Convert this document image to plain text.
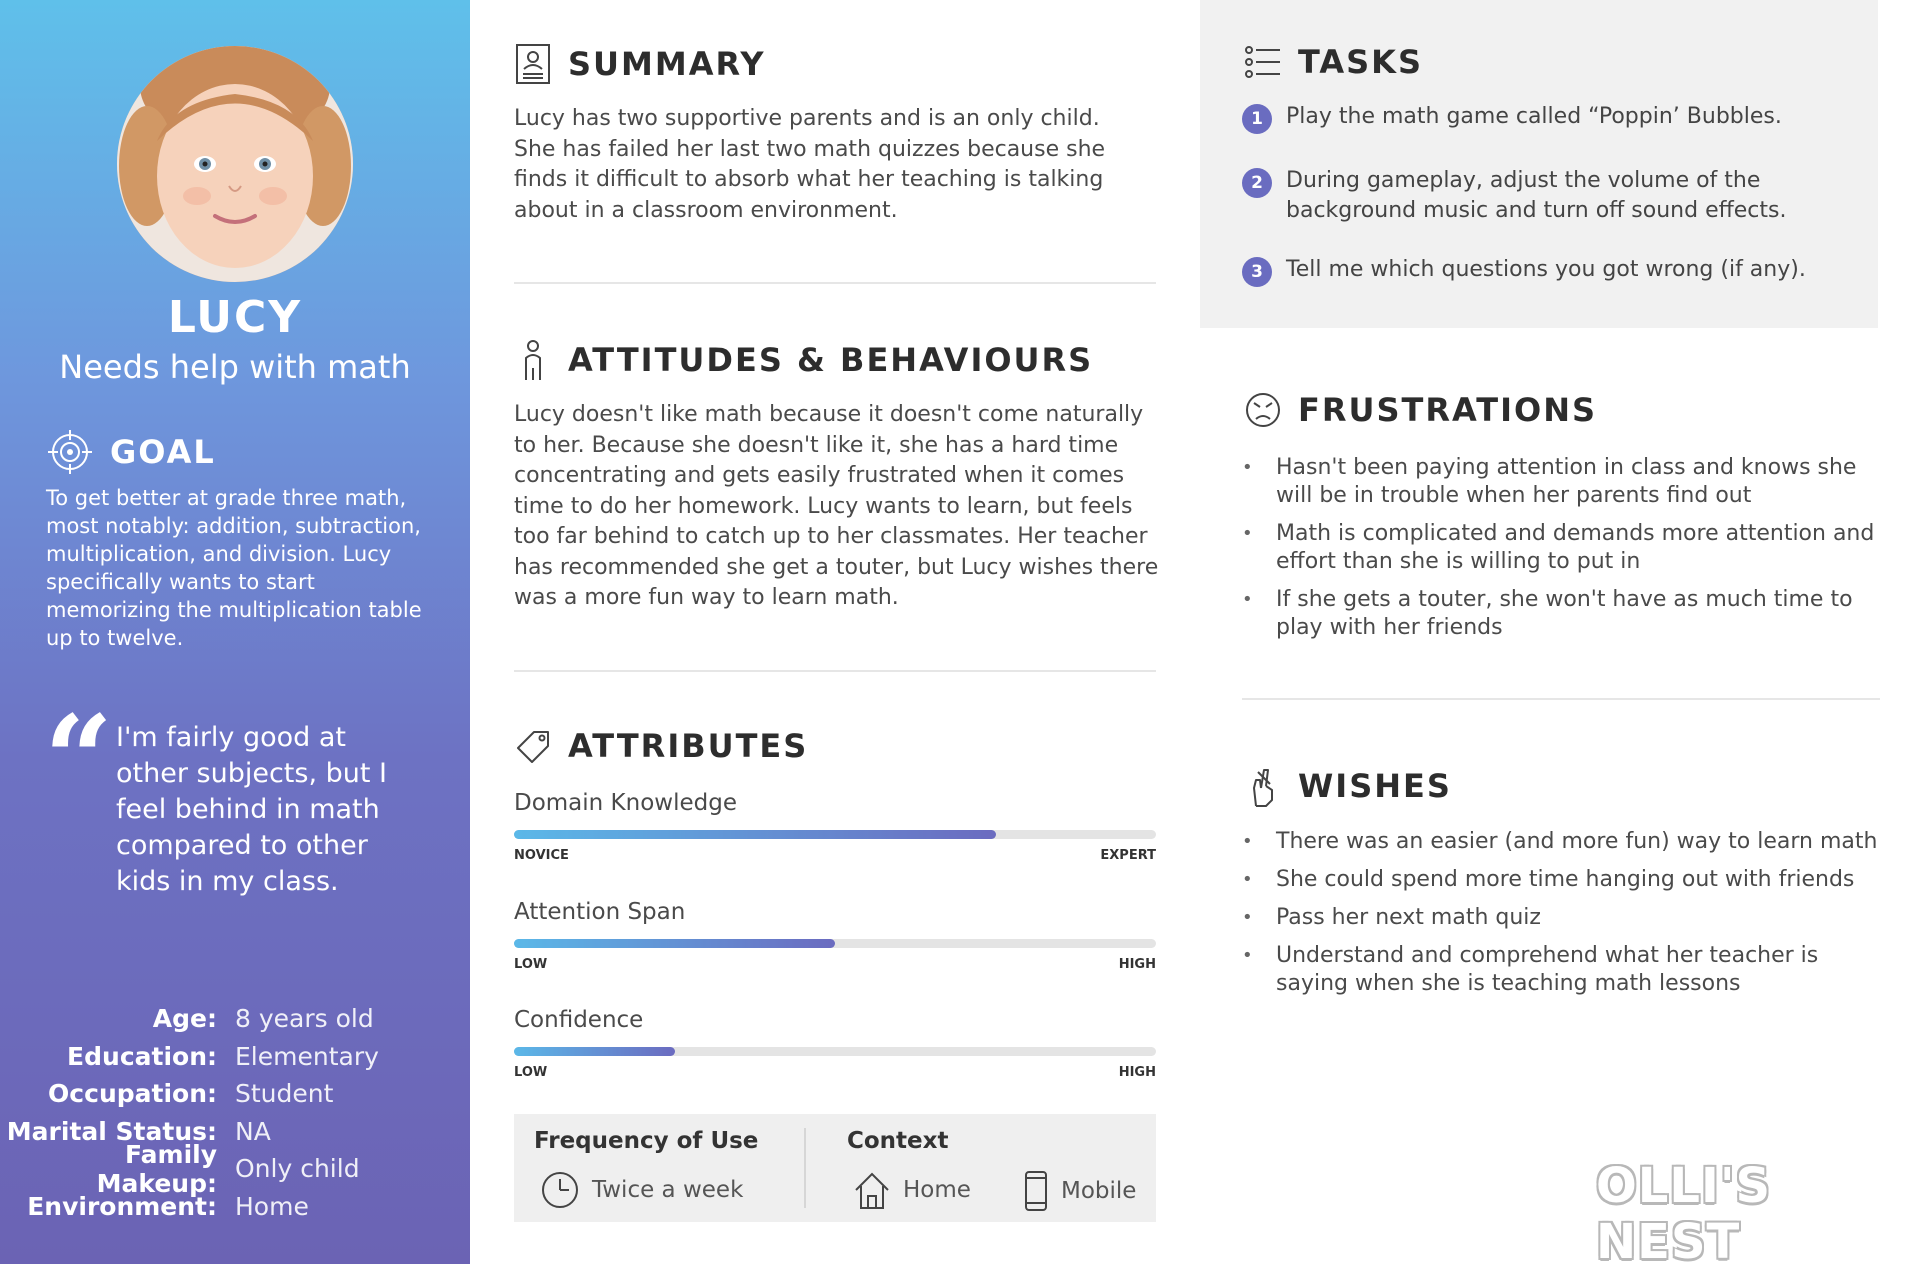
LUCY
Needs help with math
GOAL
To get better at grade three math, most notably: addition, subtraction, multiplication, and division. Lucy specifically wants to start memorizing the multiplication table up to twelve.
“ I'm fairly good at other subjects, but I feel behind in math compared to other kids in my class.
Age: 8 years old
Education: Elementary
Occupation: Student
Marital Status: NA
Family Makeup: Only child
Environment: Home
SUMMARY
Lucy has two supportive parents and is an only child. She has failed her last two math quizzes because she finds it difficult to absorb what her teaching is talking about in a classroom environment.
ATTITUDES & BEHAVIOURS
Lucy doesn't like math because it doesn't come naturally to her. Because she doesn't like it, she has a hard time concentrating and gets easily frustrated when it comes time to do her homework. Lucy wants to learn, but feels too far behind to catch up to her classmates. Her teacher has recommended she get a touter, but Lucy wishes there was a more fun way to learn math.
ATTRIBUTES
Domain Knowledge
NOVICE	EXPERT
Attention Span
LOW	HIGH
Confidence
LOW	HIGH
Frequency of Use
Twice a week
Context
Home	Mobile
TASKS
1	Play the math game called “Poppin’ Bubbles.
2	During gameplay, adjust the volume of the background music and turn off sound effects.
3	Tell me which questions you got wrong (if any).
FRUSTRATIONS
• Hasn't been paying attention in class and knows she will be in trouble when her parents find out
• Math is complicated and demands more attention and effort than she is willing to put in
• If she gets a touter, she won't have as much time to play with her friends
WISHES
• There was an easier (and more fun) way to learn math
• She could spend more time hanging out with friends
• Pass her next math quiz
• Understand and comprehend what her teacher is saying when she is teaching math lessons
OLLI'S NEST
